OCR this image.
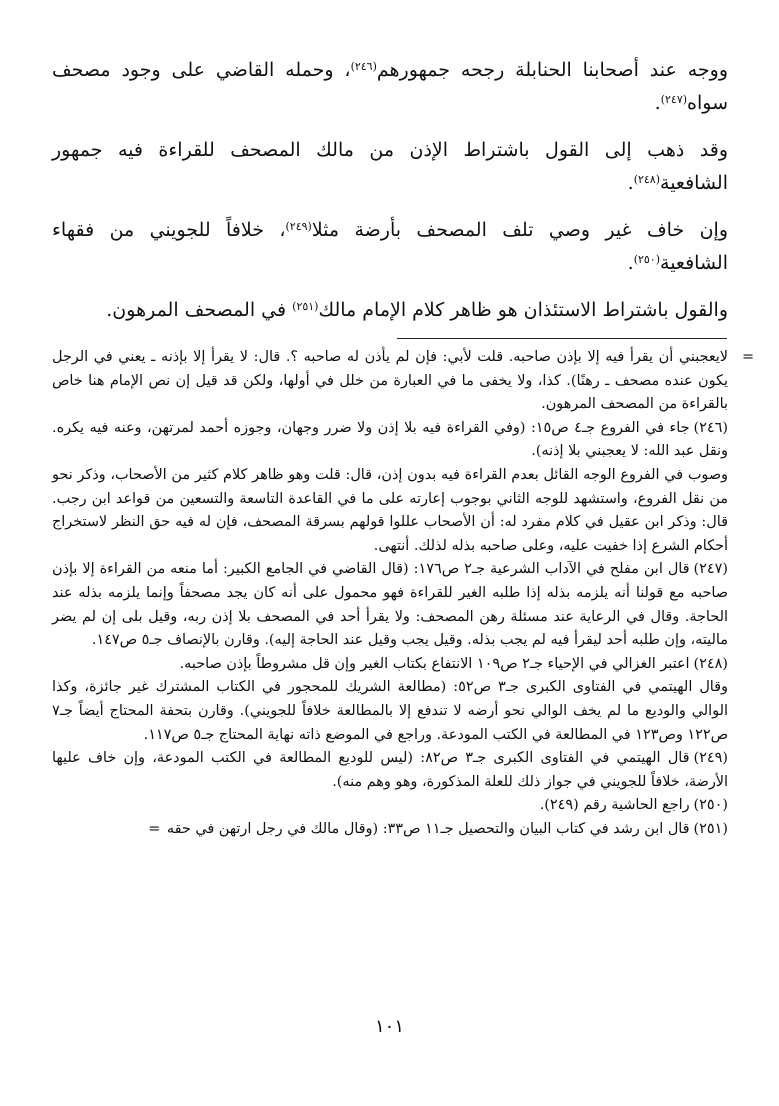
ووجه عند أصحابنا الحنابلة رجحه جمهورهم$^{(٢٤٦)}$، وحمله القاضي على وجود مصحف سواه$^{(٢٤٧)}$.

وقد ذهب إلى القول باشتراط الإذن من مالك المصحف للقراءة فيه جمهور الشافعية$^{(٢٤٨)}$.

وإن خاف غير وصي تلف المصحف بأرضة مثلا$^{(٢٤٩)}$، خلافاً للجويني من فقهاء الشافعية$^{(٢٥٠)}$.

والقول باشتراط الاستئذان هو ظاهر كلام الإمام مالك$^{(٢٥١)}$ في المصحف المرهون.

=
لايعجبني أن يقرأ فيه إلا بإذن صاحبه. قلت لأبي: فإن لم يأذن له صاحبه ؟. قال: لا يقرأ إلا بإذنه ـ يعني في الرجل يكون عنده مصحف ـ رهنًا). كذا، ولا يخفى ما في العبارة من خلل في أولها، ولكن قد قيل إن نص الإمام هنا خاص بالقراءة من المصحف المرهون.

(٢٤٦)جاء في الفروع جـ٤ ص١٥: (وفي القراءة فيه بلا إذن ولا ضرر وجهان، وجوزه أحمد لمرتهن، وعنه فيه يكره. ونقل عبد الله: لا يعجبني بلا إذنه).

وصوب في الفروع الوجه القائل بعدم القراءة فيه بدون إذن، قال: قلت وهو ظاهر كلام كثير من الأصحاب، وذكر نحو من نقل الفروع، واستشهد للوجه الثاني بوجوب إعارته على ما في القاعدة التاسعة والتسعين من قواعد ابن رجب. قال: وذكر ابن عقيل في كلام مفرد له: أن الأصحاب عللوا قولهم بسرقة المصحف، فإن له فيه حق النظر لاستخراج أحكام الشرع إذا خفيت عليه، وعلى صاحبه بذله لذلك. أنتهى.

(٢٤٧)قال ابن مفلح في الآداب الشرعية جـ٢ ص١٧٦: (قال القاضي في الجامع الكبير: أما منعه من القراءة إلا بإذن صاحبه مع قولنا أنه يلزمه بذله إذا طلبه الغير للقراءة فهو محمول على أنه كان يجد مصحفاً وإنما يلزمه بذله عند الحاجة. وقال في الرعاية عند مسئلة رهن المصحف: ولا يقرأ أحد في المصحف بلا إذن ربه، وقيل بلى إن لم يضر ماليته، وإن طلبه أحد ليقرأ فيه لم يجب بذله. وقيل يجب وقيل عند الحاجة إليه). وقارن بالإنصاف جـ٥ ص١٤٧.

(٢٤٨)اعتبر الغزالي في الإحياء جـ٢ ص١٠٩ الانتفاع بكتاب الغير وإن قل مشروطاً بإذن صاحبه.

وقال الهيتمي في الفتاوى الكبرى جـ٣ ص٥٢: (مطالعة الشريك للمحجور في الكتاب المشترك غير جائزة، وكذا الوالي والوديع ما لم يخف الوالي نحو أرضه لا تندفع إلا بالمطالعة خلافاً للجويني). وقارن بتحفة المحتاج أيضاً جـ٧ ص١٢٢ وص١٢٣ في المطالعة في الكتب المودعة. وراجع في الموضع ذاته نهاية المحتاج جـ٥ ص١١٧.

(٢٤٩)قال الهيتمي في الفتاوى الكبرى جـ٣ ص٨٢: (ليس للوديع المطالعة في الكتب المودعة، وإن خاف عليها الأرضة، خلافاً للجويني في جواز ذلك للعلة المذكورة، وهو وهم منه).

(٢٥٠)راجع الحاشية رقم (٢٤٩).

(٢٥١)قال ابن رشد في كتاب البيان والتحصيل جـ١١ ص٣٣: (وقال مالك في رجل ارتهن في حقه =

١٠١
